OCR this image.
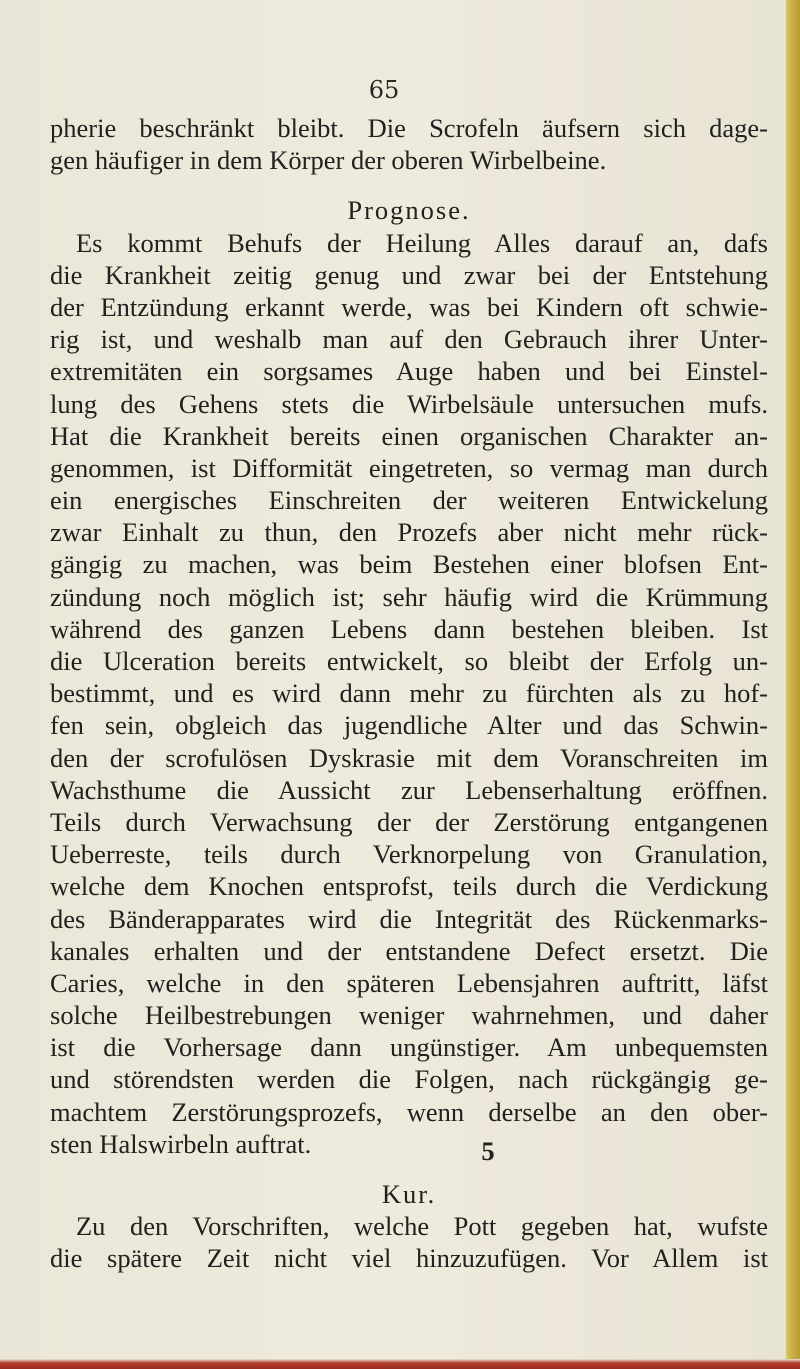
65
pherie beschränkt bleibt. Die Scrofeln äufsern sich dage-
gen häufiger in dem Körper der oberen Wirbelbeine.
Prognose.
Es kommt Behufs der Heilung Alles darauf an, dafs
die Krankheit zeitig genug und zwar bei der Entstehung
der Entzündung erkannt werde, was bei Kindern oft schwie-
rig ist, und weshalb man auf den Gebrauch ihrer Unter-
extremitäten ein sorgsames Auge haben und bei Einstel-
lung des Gehens stets die Wirbelsäule untersuchen mufs.
Hat die Krankheit bereits einen organischen Charakter an-
genommen, ist Difformität eingetreten, so vermag man durch
ein energisches Einschreiten der weiteren Entwickelung
zwar Einhalt zu thun, den Prozefs aber nicht mehr rück-
gängig zu machen, was beim Bestehen einer blofsen Ent-
zündung noch möglich ist; sehr häufig wird die Krümmung
während des ganzen Lebens dann bestehen bleiben. Ist
die Ulceration bereits entwickelt, so bleibt der Erfolg un-
bestimmt, und es wird dann mehr zu fürchten als zu hof-
fen sein, obgleich das jugendliche Alter und das Schwin-
den der scrofulösen Dyskrasie mit dem Voranschreiten im
Wachsthume die Aussicht zur Lebenserhaltung eröffnen.
Teils durch Verwachsung der der Zerstörung entgangenen
Ueberreste, teils durch Verknorpelung von Granulation,
welche dem Knochen entsprofst, teils durch die Verdickung
des Bänderapparates wird die Integrität des Rückenmarks-
kanales erhalten und der entstandene Defect ersetzt. Die
Caries, welche in den späteren Lebensjahren auftritt, läfst
solche Heilbestrebungen weniger wahrnehmen, und daher
ist die Vorhersage dann ungünstiger. Am unbequemsten
und störendsten werden die Folgen, nach rückgängig ge-
machtem Zerstörungsprozefs, wenn derselbe an den ober-
sten Halswirbeln auftrat.
Kur.
Zu den Vorschriften, welche Pott gegeben hat, wufste
die spätere Zeit nicht viel hinzuzufügen. Vor Allem ist
5
